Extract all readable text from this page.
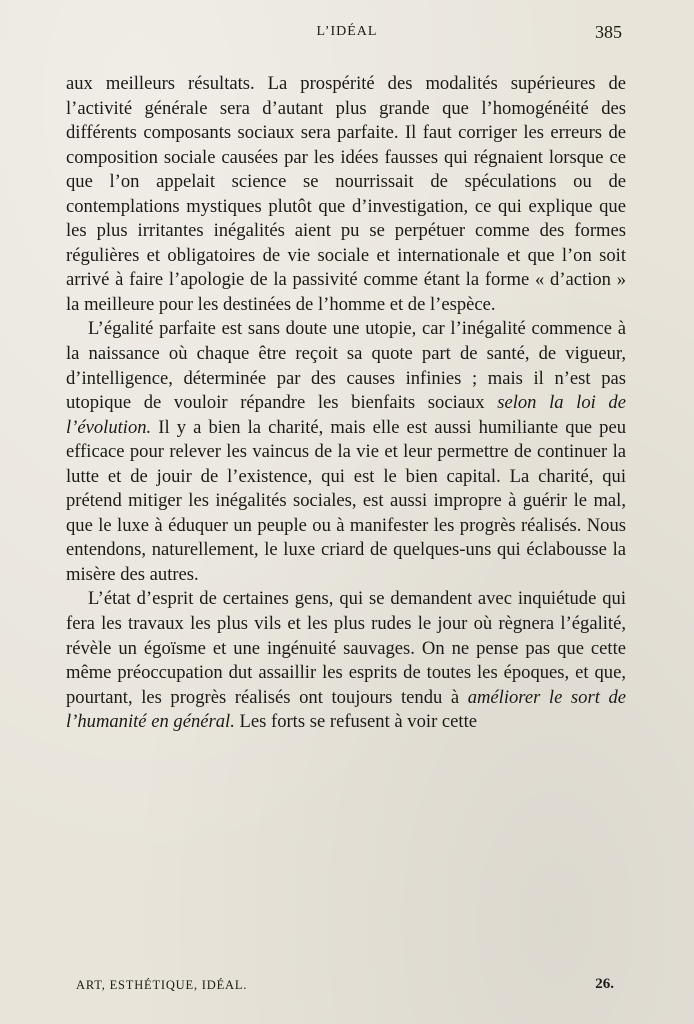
L’IDÉAL	385

aux meilleurs résultats. La prospérité des modalités supérieures de l’activité générale sera d’autant plus grande que l’homogénéité des différents composants sociaux sera parfaite. Il faut corriger les erreurs de composition sociale causées par les idées fausses qui régnaient lorsque ce que l’on appelait science se nourrissait de spéculations ou de contemplations mystiques plutôt que d’investigation, ce qui explique que les plus irritantes inégalités aient pu se perpétuer comme des formes régulières et obligatoires de vie sociale et internationale et que l’on soit arrivé à faire l’apologie de la passivité comme étant la forme « d’action » la meilleure pour les destinées de l’homme et de l’espèce.

L’égalité parfaite est sans doute une utopie, car l’inégalité commence à la naissance où chaque être reçoit sa quote part de santé, de vigueur, d’intelligence, déterminée par des causes infinies ; mais il n’est pas utopique de vouloir répandre les bienfaits sociaux selon la loi de l’évolution. Il y a bien la charité, mais elle est aussi humiliante que peu efficace pour relever les vaincus de la vie et leur permettre de continuer la lutte et de jouir de l’existence, qui est le bien capital. La charité, qui prétend mitiger les inégalités sociales, est aussi impropre à guérir le mal, que le luxe à éduquer un peuple ou à manifester les progrès réalisés. Nous entendons, naturellement, le luxe criard de quelques-uns qui éclabousse la misère des autres.

L’état d’esprit de certaines gens, qui se demandent avec inquiétude qui fera les travaux les plus vils et les plus rudes le jour où règnera l’égalité, révèle un égoïsme et une ingénuité sauvages. On ne pense pas que cette même préoccupation dut assaillir les esprits de toutes les époques, et que, pourtant, les progrès réalisés ont toujours tendu à améliorer le sort de l’humanité en général. Les forts se refusent à voir cette

ART, ESTHÉTIQUE, IDÉAL.	26.
